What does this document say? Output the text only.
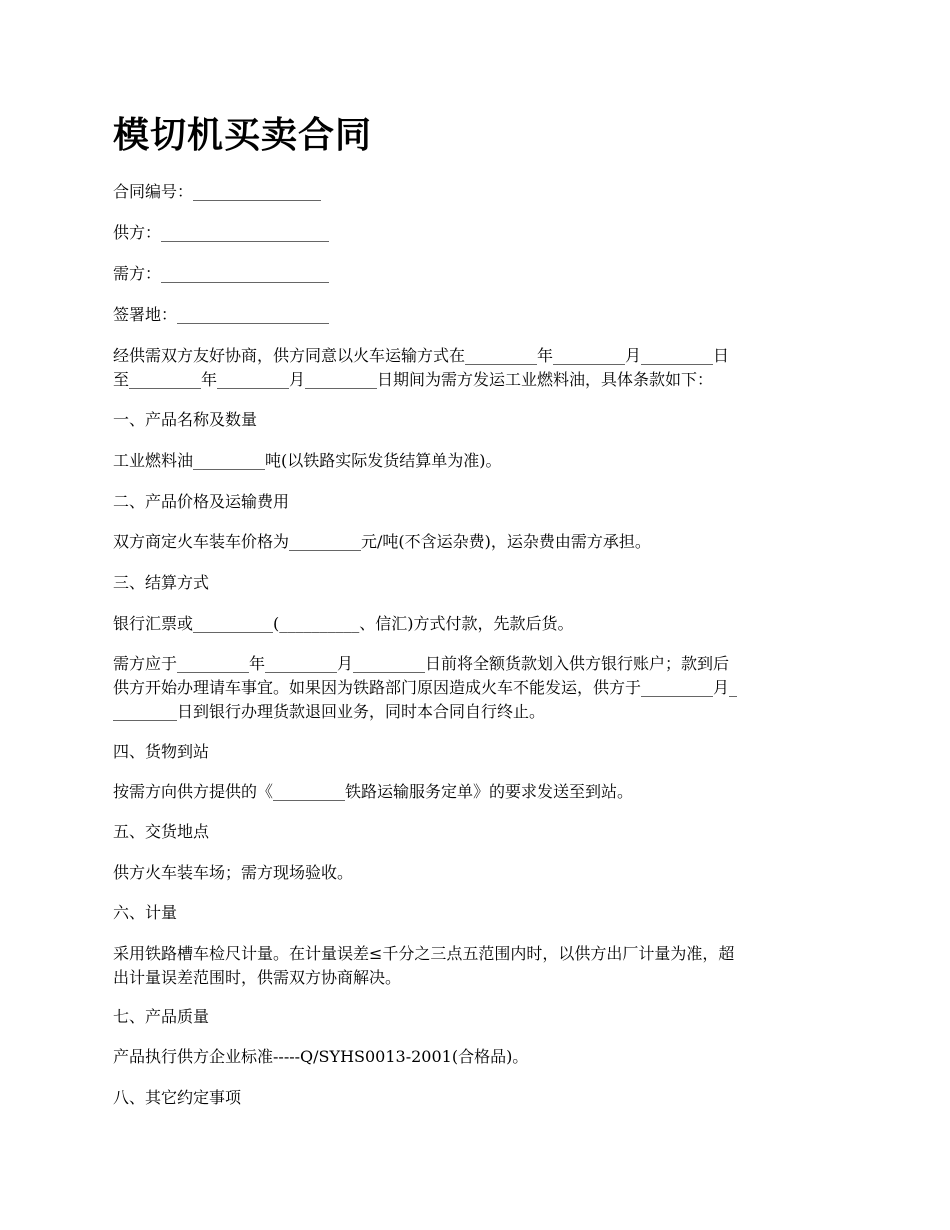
模切机买卖合同

合同编号：________________

供方：_____________________

需方：_____________________

签署地：___________________

经供需双方友好协商，供方同意以火车运输方式在_________年_________月_________日

至_________年_________月_________日期间为需方发运工业燃料油，具体条款如下：

一、产品名称及数量

工业燃料油_________吨(以铁路实际发货结算单为准)。

二、产品价格及运输费用

双方商定火车装车价格为_________元/吨(不含运杂费)，运杂费由需方承担。

三、结算方式

银行汇票或__________(__________、信汇)方式付款，先款后货。

需方应于_________年_________月_________日前将全额货款划入供方银行账户；款到后

供方开始办理请车事宜。如果因为铁路部门原因造成火车不能发运，供方于_________月_

________日到银行办理货款退回业务，同时本合同自行终止。

四、货物到站

按需方向供方提供的《_________铁路运输服务定单》的要求发送至到站。

五、交货地点

供方火车装车场；需方现场验收。

六、计量

采用铁路槽车检尺计量。在计量误差≤千分之三点五范围内时，以供方出厂计量为准，超

出计量误差范围时，供需双方协商解决。

七、产品质量

产品执行供方企业标准-----Q/SYHS0013-2001(合格品)。

八、其它约定事项
